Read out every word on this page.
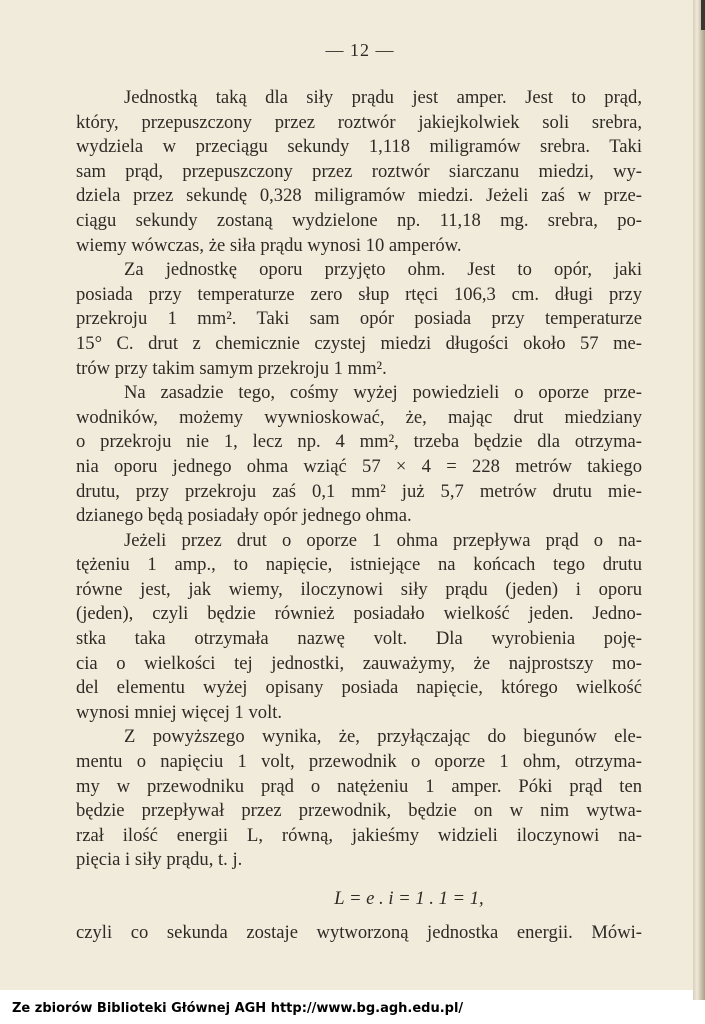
— 12 —
Jednostką taką dla siły prądu jest amper. Jest to prąd,
który, przepuszczony przez roztwór jakiejkolwiek soli srebra,
wydziela w przeciągu sekundy 1,118 miligramów srebra. Taki
sam prąd, przepuszczony przez roztwór siarczanu miedzi, wy-
dziela przez sekundę 0,328 miligramów miedzi. Jeżeli zaś w prze-
ciągu sekundy zostaną wydzielone np. 11,18 mg. srebra, po-
wiemy wówczas, że siła prądu wynosi 10 amperów.
Za jednostkę oporu przyjęto ohm. Jest to opór, jaki
posiada przy temperaturze zero słup rtęci 106,3 cm. długi przy
przekroju 1 mm². Taki sam opór posiada przy temperaturze
15° C. drut z chemicznie czystej miedzi długości około 57 me-
trów przy takim samym przekroju 1 mm².
Na zasadzie tego, cośmy wyżej powiedzieli o oporze prze-
wodników, możemy wywnioskować, że, mając drut miedziany
o przekroju nie 1, lecz np. 4 mm², trzeba będzie dla otrzyma-
nia oporu jednego ohma wziąć 57 × 4 = 228 metrów takiego
drutu, przy przekroju zaś 0,1 mm² już 5,7 metrów drutu mie-
dzianego będą posiadały opór jednego ohma.
Jeżeli przez drut o oporze 1 ohma przepływa prąd o na-
tężeniu 1 amp., to napięcie, istniejące na końcach tego drutu
równe jest, jak wiemy, iloczynowi siły prądu (jeden) i oporu
(jeden), czyli będzie również posiadało wielkość jeden. Jedno-
stka taka otrzymała nazwę volt. Dla wyrobienia poję-
cia o wielkości tej jednostki, zauważymy, że najprostszy mo-
del elementu wyżej opisany posiada napięcie, którego wielkość
wynosi mniej więcej 1 volt.
Z powyższego wynika, że, przyłączając do biegunów ele-
mentu o napięciu 1 volt, przewodnik o oporze 1 ohm, otrzyma-
my w przewodniku prąd o natężeniu 1 amper. Póki prąd ten
będzie przepływał przez przewodnik, będzie on w nim wytwa-
rzał ilość energii L, równą, jakieśmy widzieli iloczynowi na-
pięcia i siły prądu, t. j.
L = e . i = 1 . 1 = 1,
czyli co sekunda zostaje wytworzoną jednostka energii. Mówi-
Ze zbiorów Biblioteki Głównej AGH http://www.bg.agh.edu.pl/
